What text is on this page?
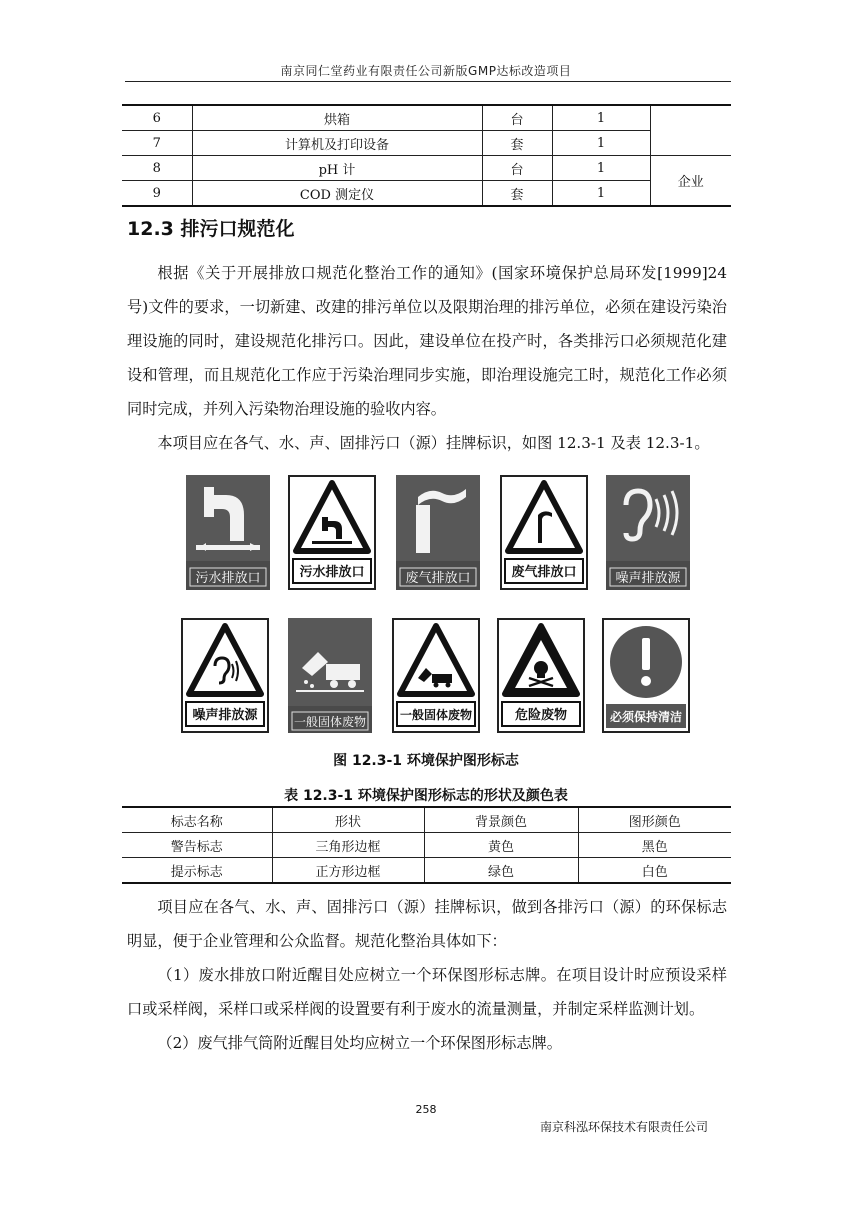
南京同仁堂药业有限责任公司新版GMP达标改造项目
6	烘箱	台	1	
7	计算机及打印设备	套	1	
8	pH 计	台	1	企业
9	COD 测定仪	套	1	
12.3 排污口规范化

根据《关于开展排放口规范化整治工作的通知》(国家环境保护总局环发[1999]24 号)文件的要求，一切新建、改建的排污单位以及限期治理的排污单位，必须在建设污染治理设施的同时，建设规范化排污口。因此，建设单位在投产时，各类排污口必须规范化建设和管理，而且规范化工作应于污染治理同步实施，即治理设施完工时，规范化工作必须同时完成，并列入污染物治理设施的验收内容。

本项目应在各气、水、声、固排污口（源）挂牌标识，如图 12.3-1 及表 12.3-1。

污水排放口	污水排放口	废气排放口	废气排放口	噪声排放源
噪声排放源	一般固体废物	一般固体废物	危险废物	必须保持清洁
图 12.3-1 环境保护图形标志
表 12.3-1 环境保护图形标志的形状及颜色表
标志名称	形状	背景颜色	图形颜色
警告标志	三角形边框	黄色	黑色
提示标志	正方形边框	绿色	白色

项目应在各气、水、声、固排污口（源）挂牌标识，做到各排污口（源）的环保标志明显，便于企业管理和公众监督。规范化整治具体如下：

（1）废水排放口附近醒目处应树立一个环保图形标志牌。在项目设计时应预设采样口或采样阀，采样口或采样阀的设置要有利于废水的流量测量，并制定采样监测计划。

（2）废气排气筒附近醒目处均应树立一个环保图形标志牌。

258
南京科泓环保技术有限责任公司
